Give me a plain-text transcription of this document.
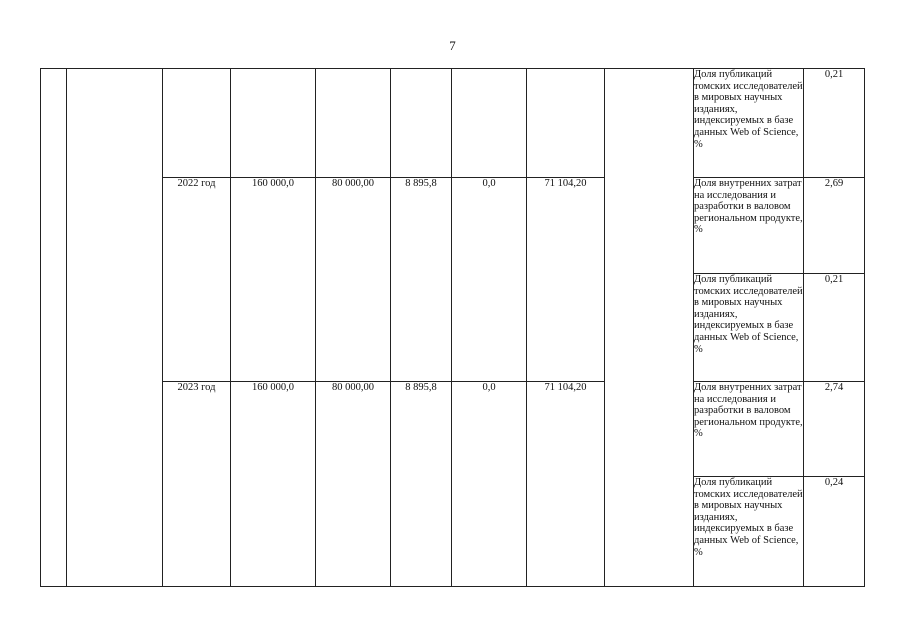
7
									Доля публикаций томских исследователей в мировых научных изданиях, индексируемых в базе данных Web of Science, %	0,21
		2022 год	160 000,0	80 000,00	8 895,8	0,0	71 104,20		Доля внутренних затрат на исследования и разработки в валовом региональном продукте, %	2,69
									Доля публикаций томских исследователей в мировых научных изданиях, индексируемых в базе данных Web of Science, %	0,21
		2023 год	160 000,0	80 000,00	8 895,8	0,0	71 104,20		Доля внутренних затрат на исследования и разработки в валовом региональном продукте, %	2,74
									Доля публикаций томских исследователей в мировых научных изданиях, индексируемых в базе данных Web of Science, %	0,24
